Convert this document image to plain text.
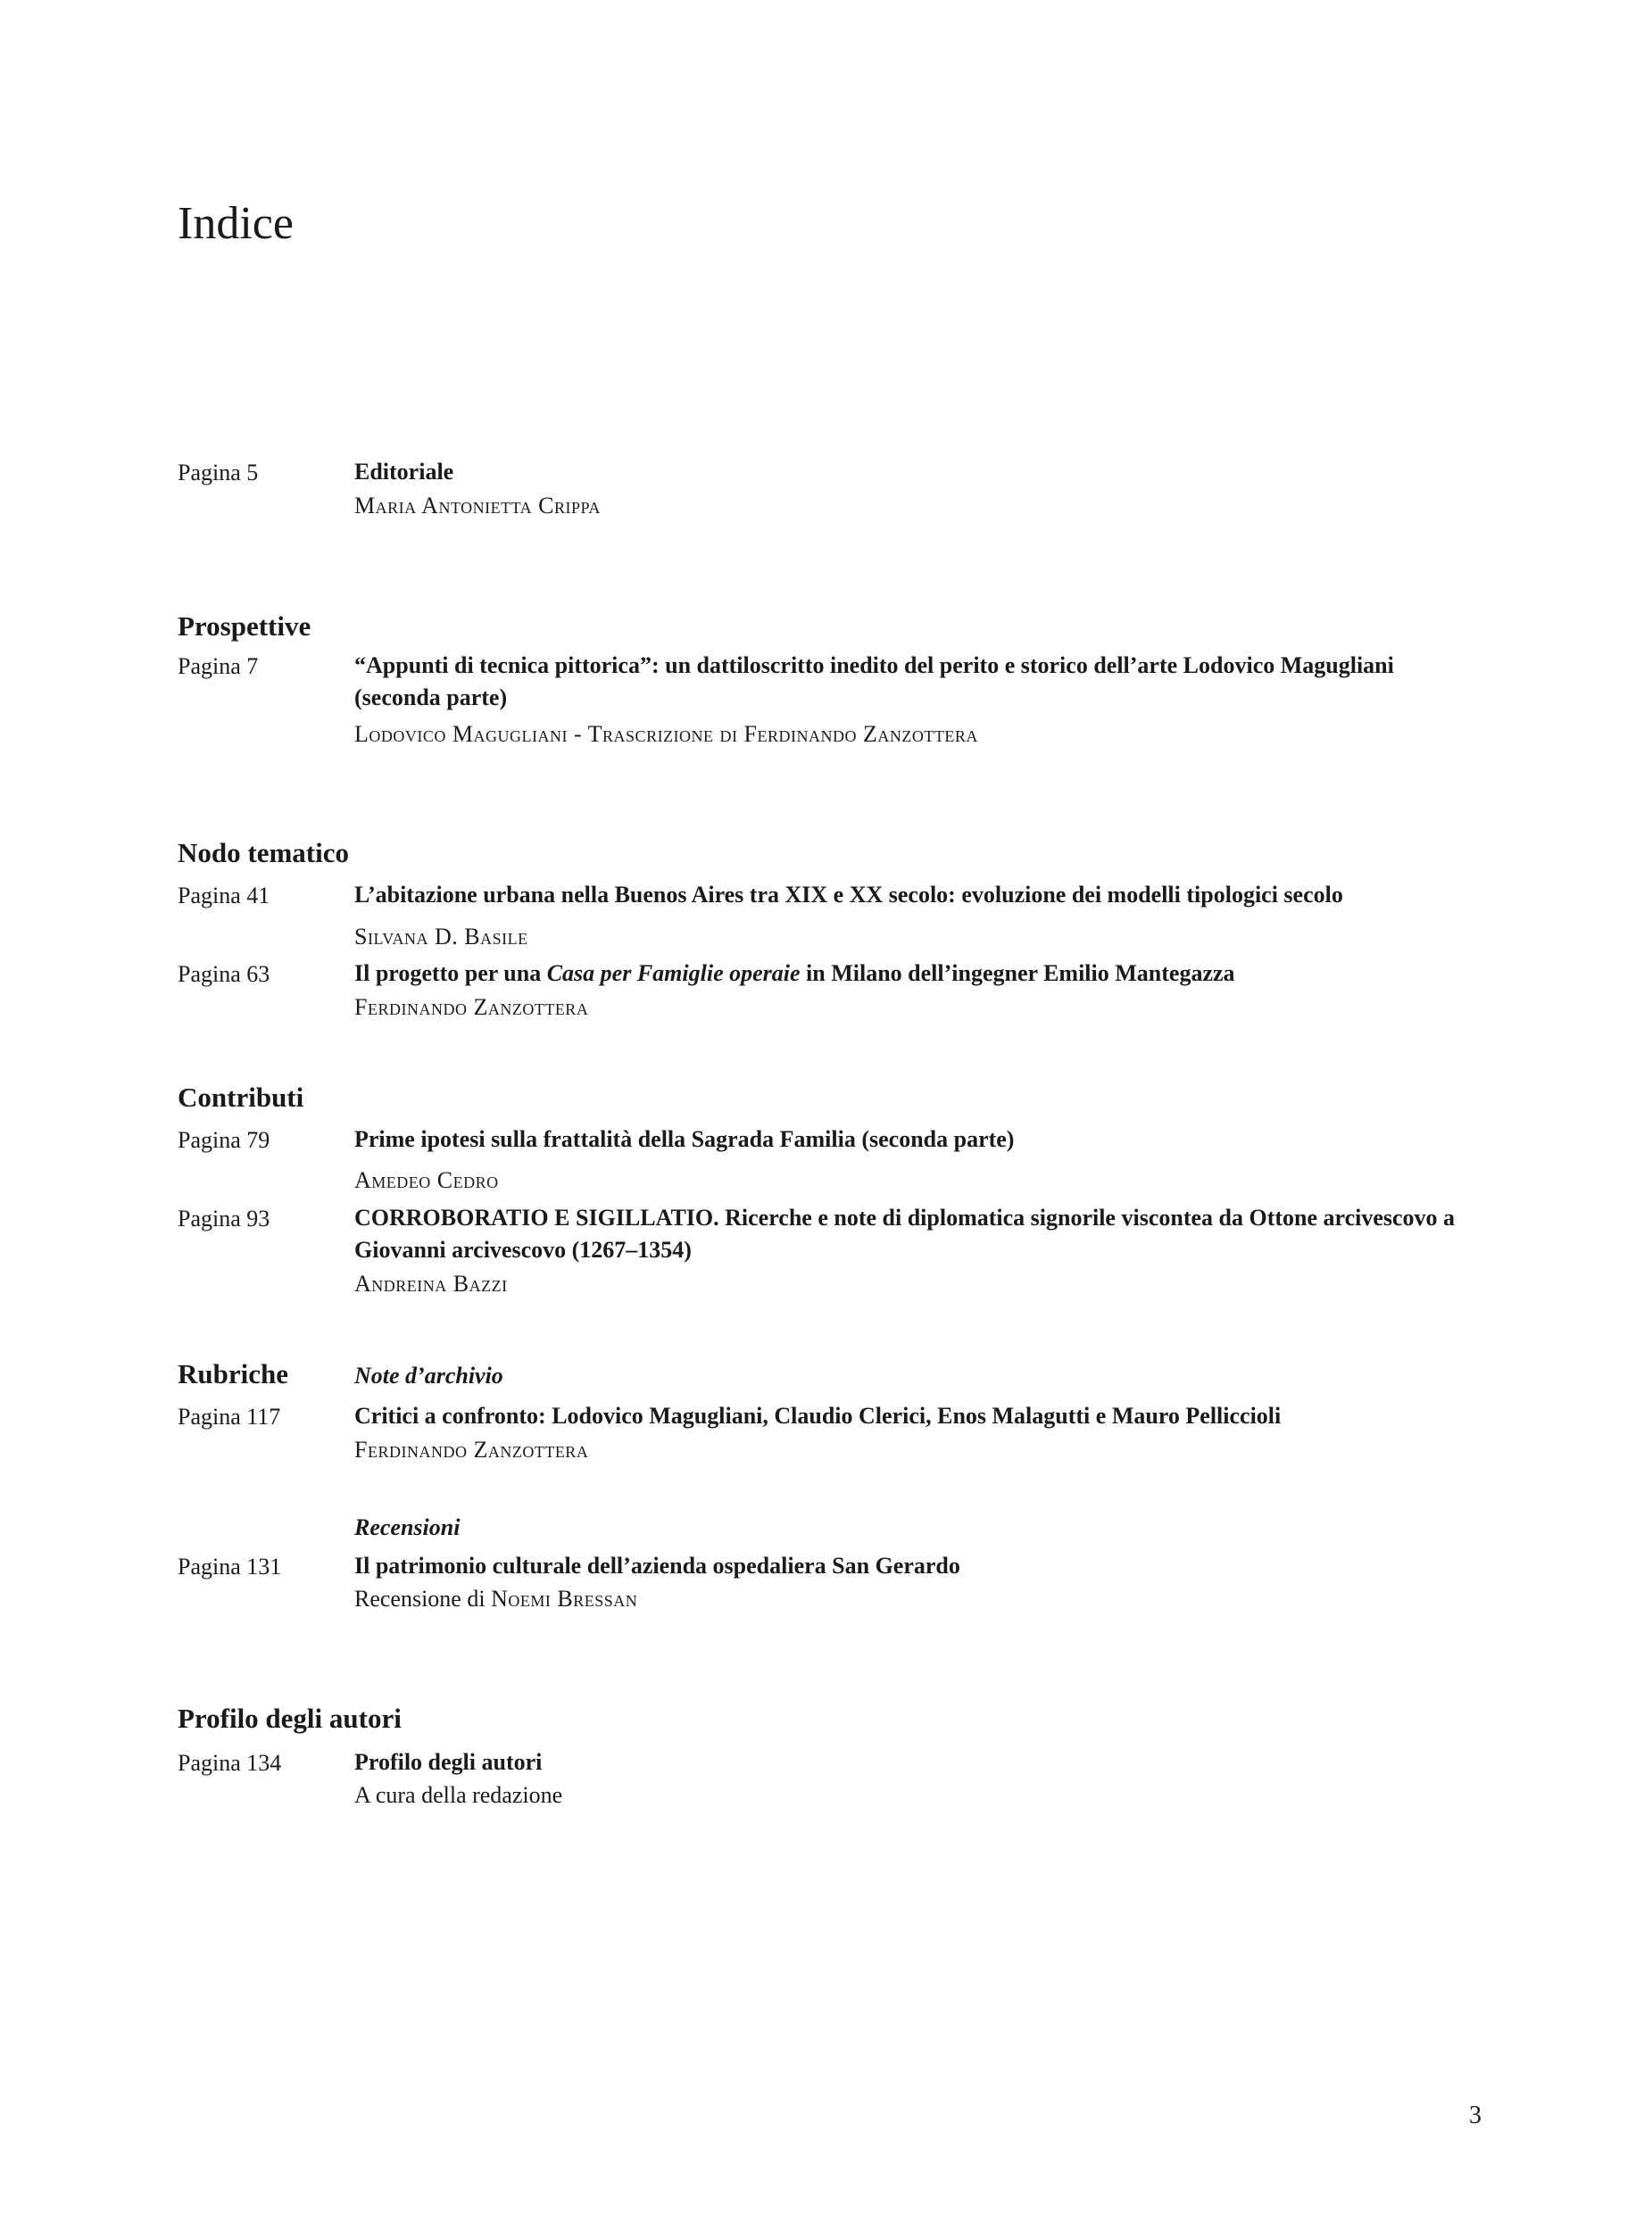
Indice
Pagina 5	Editoriale
Maria Antonietta Crippa
Prospettive
Pagina 7	“Appunti di tecnica pittorica”: un dattiloscritto inedito del perito e storico dell’arte Lodovico Magugliani
(seconda parte)
Lodovico Magugliani - Trascrizione di Ferdinando Zanzottera
Nodo tematico
Pagina 41	L’abitazione urbana nella Buenos Aires tra XIX e XX secolo: evoluzione dei modelli tipologici secolo
Silvana D. Basile
Pagina 63	Il progetto per una Casa per Famiglie operaie in Milano dell’ingegner Emilio Mantegazza
Ferdinando Zanzottera
Contributi
Pagina 79	Prime ipotesi sulla frattalità della Sagrada Familia (seconda parte)
Amedeo Cedro
Pagina 93	CORROBORATIO E SIGILLATIO. Ricerche e note di diplomatica signorile viscontea da Ottone arcivescovo a
Giovanni arcivescovo (1267–1354)
Andreina Bazzi
Rubriche	Note d’archivio
Pagina 117	Critici a confronto: Lodovico Magugliani, Claudio Clerici, Enos Malagutti e Mauro Pelliccioli
Ferdinando Zanzottera
Recensioni
Pagina 131	Il patrimonio culturale dell’azienda ospedaliera San Gerardo
Recensione di Noemi Bressan
Profilo degli autori
Pagina 134	Profilo degli autori
A cura della redazione
3
